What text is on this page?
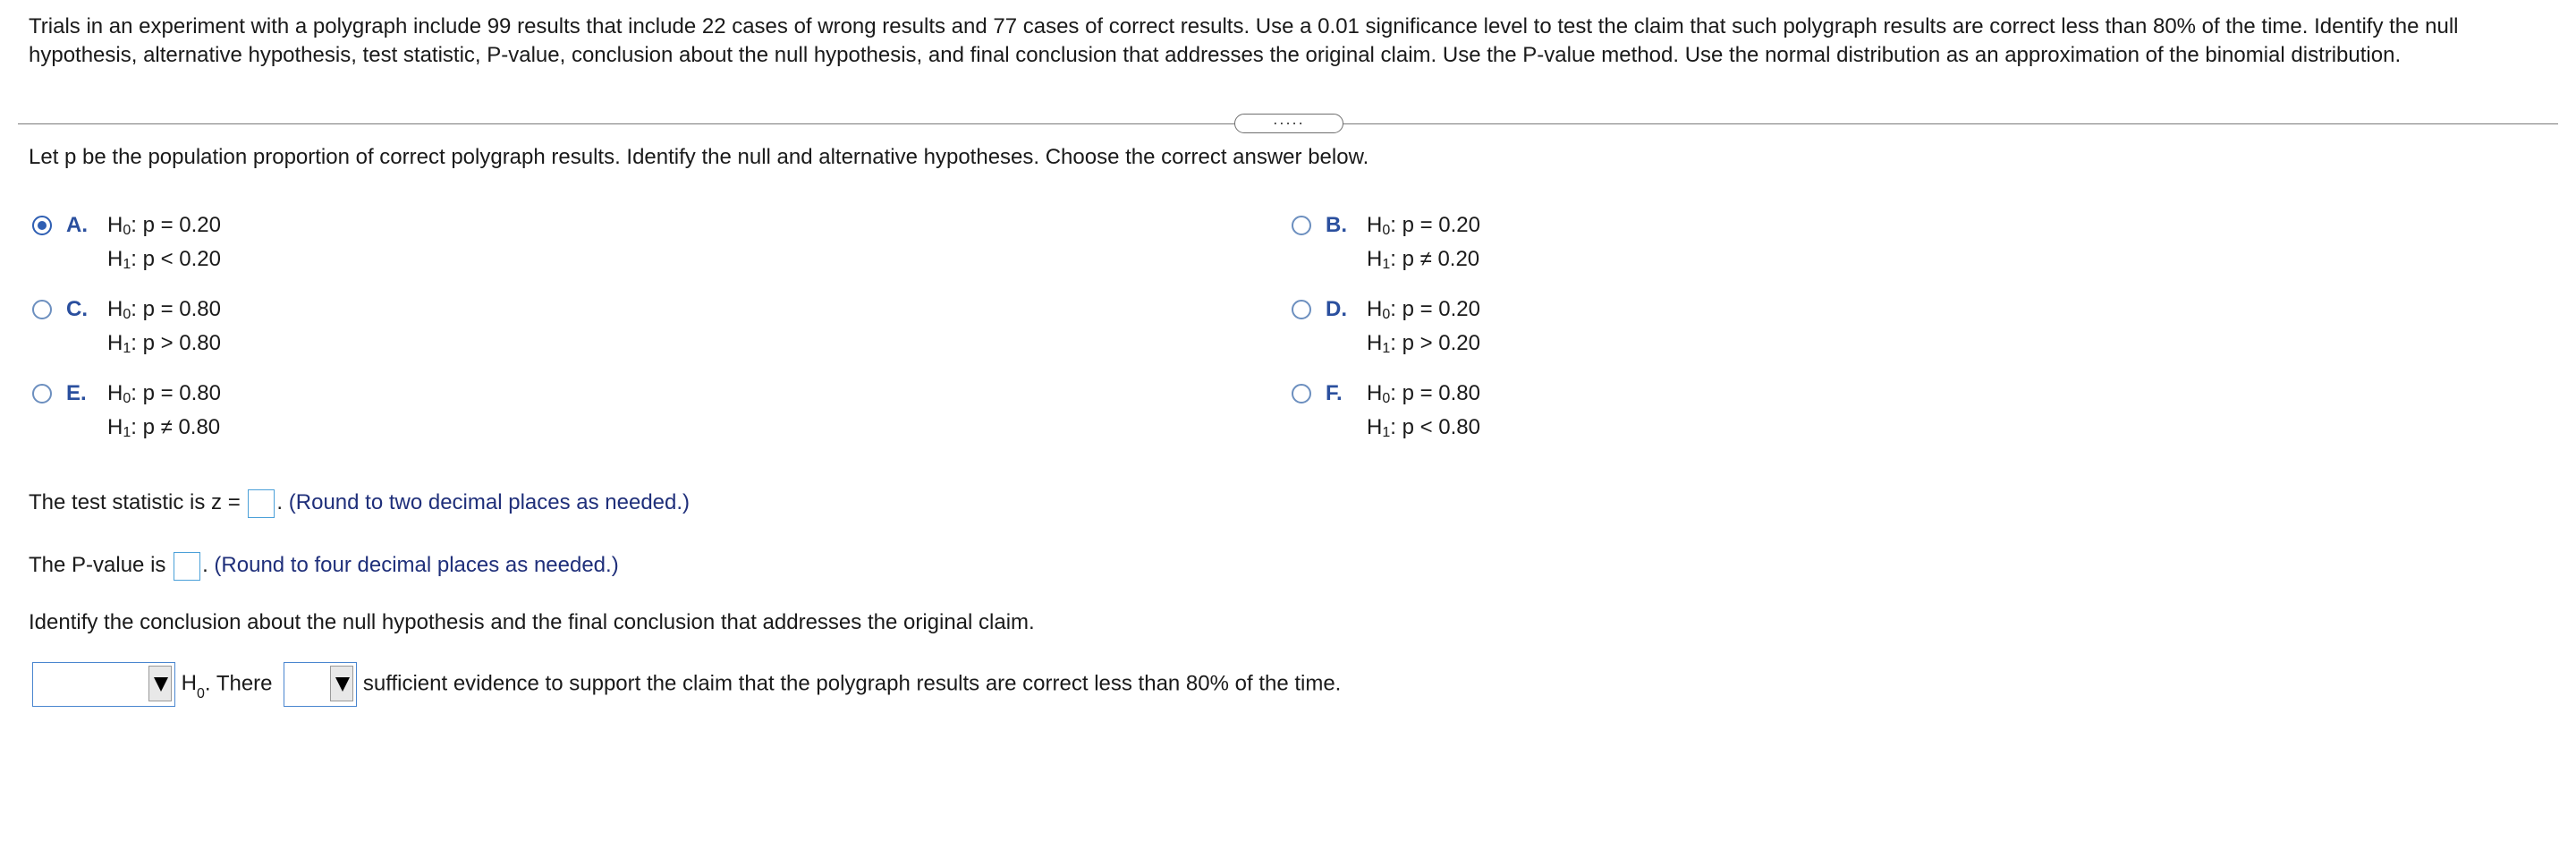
Trials in an experiment with a polygraph include 99 results that include 22 cases of wrong results and 77 cases of correct results. Use a 0.01 significance level to test the claim that such polygraph results are correct less than 80% of the time. Identify the null hypothesis, alternative hypothesis, test statistic, P-value, conclusion about the null hypothesis, and final conclusion that addresses the original claim. Use the P-value method. Use the normal distribution as an approximation of the binomial distribution.

.....

Let p be the population proportion of correct polygraph results. Identify the null and alternative hypotheses. Choose the correct answer below.

A. $H_0$: p = 0.20
$H_1$: p < 0.20
B. $H_0$: p = 0.20
$H_1$: p ≠ 0.20
C. $H_0$: p = 0.80
$H_1$: p > 0.80
D. $H_0$: p = 0.20
$H_1$: p > 0.20
E. $H_0$: p = 0.80
$H_1$: p ≠ 0.80
F. $H_0$: p = 0.80
$H_1$: p < 0.80
The test statistic is z = . (Round to two decimal places as needed.)
The P-value is . (Round to four decimal places as needed.)
Identify the conclusion about the null hypothesis and the final conclusion that addresses the original claim.
$H_0$. There	sufficient evidence to support the claim that the polygraph results are correct less than 80% of the time.
